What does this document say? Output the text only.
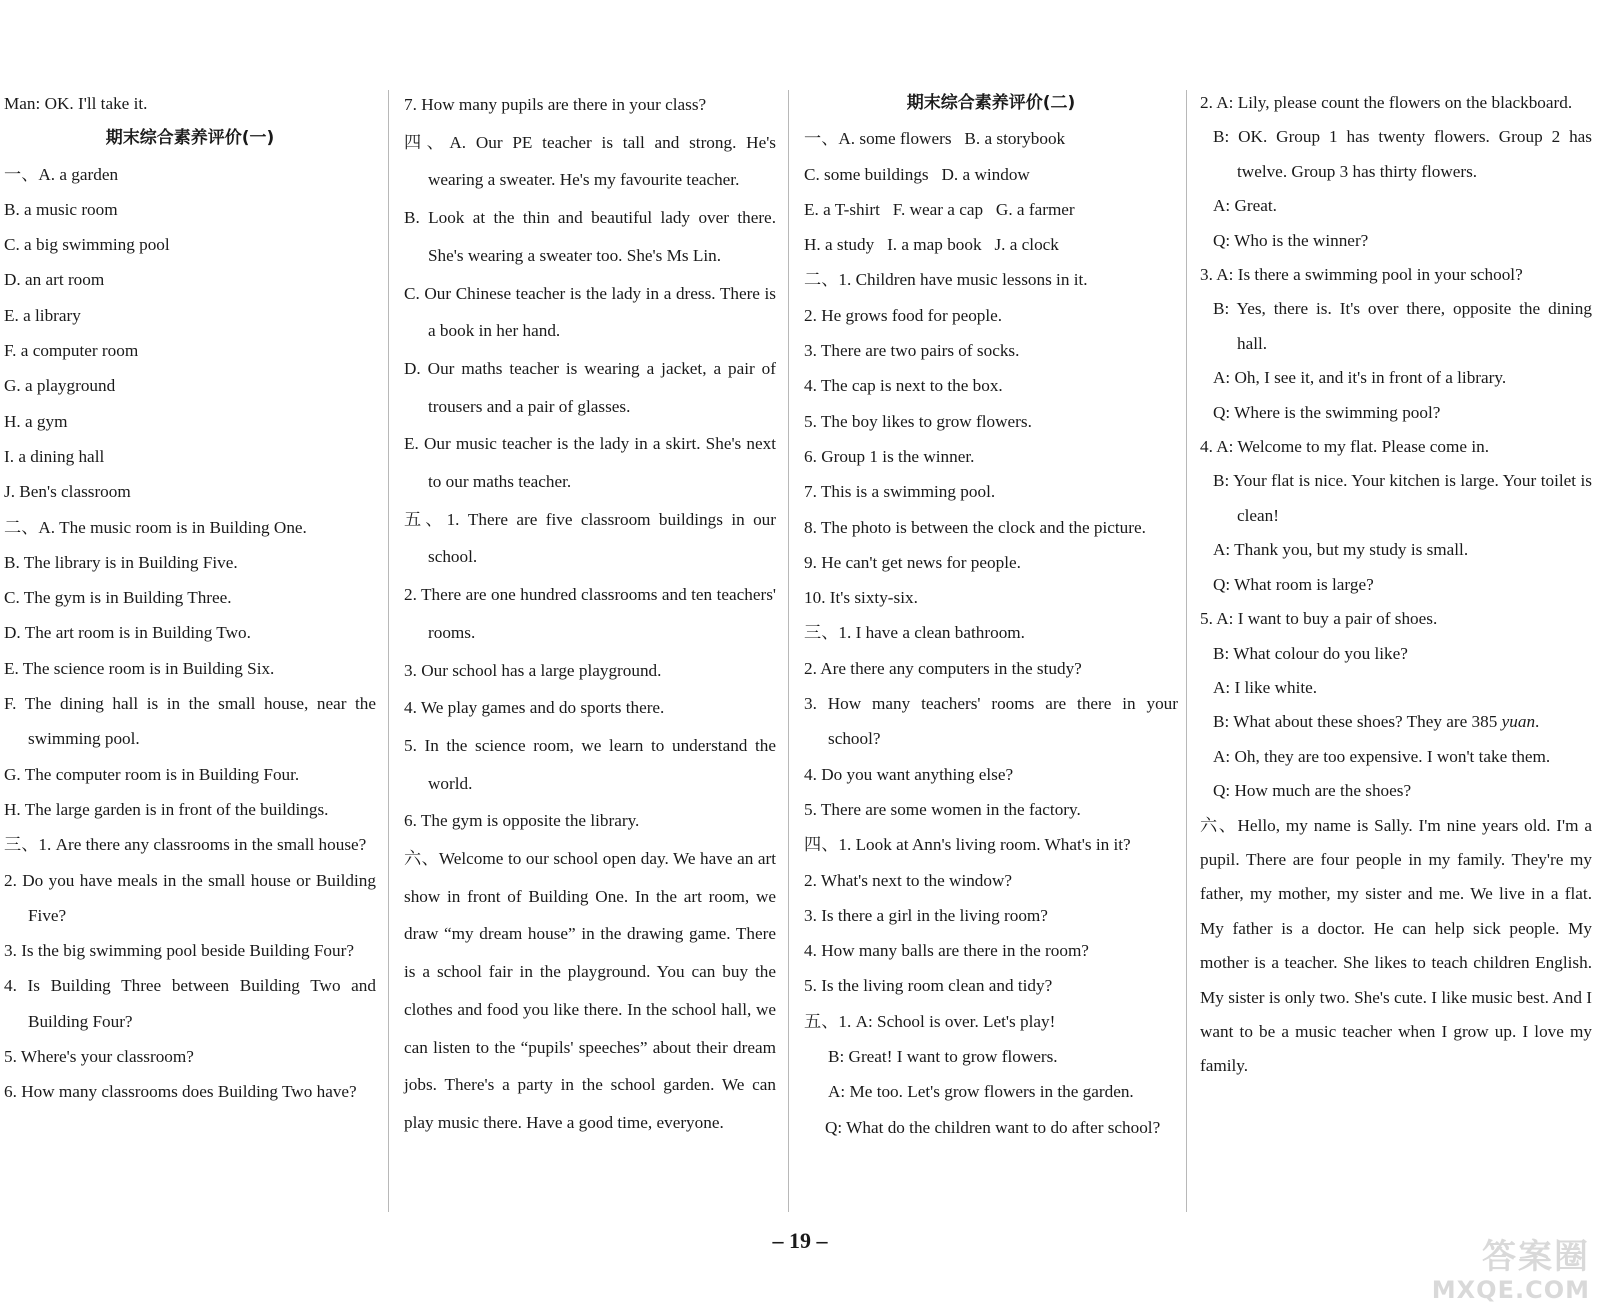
Man: OK. I'll take it.

期末综合素养评价(一)

一、A. a garden

B. a music room

C. a big swimming pool

D. an art room

E. a library

F. a computer room

G. a playground

H. a gym

I. a dining hall

J. Ben's classroom

二、A. The music room is in Building One.

B. The library is in Building Five.

C. The gym is in Building Three.

D. The art room is in Building Two.

E. The science room is in Building Six.

F. The dining hall is in the small house, near the swimming pool.

G. The computer room is in Building Four.

H. The large garden is in front of the buildings.

三、1. Are there any classrooms in the small house?

2. Do you have meals in the small house or Building Five?

3. Is the big swimming pool beside Building Four?

4. Is Building Three between Building Two and Building Four?

5. Where's your classroom?

6. How many classrooms does Building Two have?

7. How many pupils are there in your class?

四、A. Our PE teacher is tall and strong. He's wearing a sweater. He's my favourite teacher.

B. Look at the thin and beautiful lady over there. She's wearing a sweater too. She's Ms Lin.

C. Our Chinese teacher is the lady in a dress. There is a book in her hand.

D. Our maths teacher is wearing a jacket, a pair of trousers and a pair of glasses.

E. Our music teacher is the lady in a skirt. She's next to our maths teacher.

五、1. There are five classroom buildings in our school.

2. There are one hundred classrooms and ten teachers' rooms.

3. Our school has a large playground.

4. We play games and do sports there.

5. In the science room, we learn to understand the world.

6. The gym is opposite the library.

六、Welcome to our school open day. We have an art show in front of Building One. In the art room, we draw “my dream house” in the drawing game. There is a school fair in the playground. You can buy the clothes and food you like there. In the school hall, we can listen to the “pupils' speeches” about their dream jobs. There's a party in the school garden. We can play music there. Have a good time, everyone.

期末综合素养评价(二)

一、A. some flowers   B. a storybook

C. some buildings   D. a window

E. a T-shirt   F. wear a cap   G. a farmer

H. a study   I. a map book   J. a clock

二、1. Children have music lessons in it.

2. He grows food for people.

3. There are two pairs of socks.

4. The cap is next to the box.

5. The boy likes to grow flowers.

6. Group 1 is the winner.

7. This is a swimming pool.

8. The photo is between the clock and the picture.

9. He can't get news for people.

10. It's sixty-six.

三、1. I have a clean bathroom.

2. Are there any computers in the study?

3. How many teachers' rooms are there in your school?

4. Do you want anything else?

5. There are some women in the factory.

四、1. Look at Ann's living room. What's in it?

2. What's next to the window?

3. Is there a girl in the living room?

4. How many balls are there in the room?

5. Is the living room clean and tidy?

五、1. A: School is over. Let's play!

B: Great! I want to grow flowers.

A: Me too. Let's grow flowers in the garden.

Q: What do the children want to do after school?

2. A: Lily, please count the flowers on the blackboard.

B: OK. Group 1 has twenty flowers. Group 2 has twelve. Group 3 has thirty flowers.

A: Great.

Q: Who is the winner?

3. A: Is there a swimming pool in your school?

B: Yes, there is. It's over there, opposite the dining hall.

A: Oh, I see it, and it's in front of a library.

Q: Where is the swimming pool?

4. A: Welcome to my flat. Please come in.

B: Your flat is nice. Your kitchen is large. Your toilet is clean!

A: Thank you, but my study is small.

Q: What room is large?

5. A: I want to buy a pair of shoes.

B: What colour do you like?

A: I like white.

B: What about these shoes? They are 385 yuan.

A: Oh, they are too expensive. I won't take them.

Q: How much are the shoes?

六、Hello, my name is Sally. I'm nine years old. I'm a pupil. There are four people in my family. They're my father, my mother, my sister and me. We live in a flat. My father is a doctor. He can help sick people. My mother is a teacher. She likes to teach children English. My sister is only two. She's cute. I like music best. And I want to be a music teacher when I grow up. I love my family.

– 19 –	答案圈
MXQE.COM
